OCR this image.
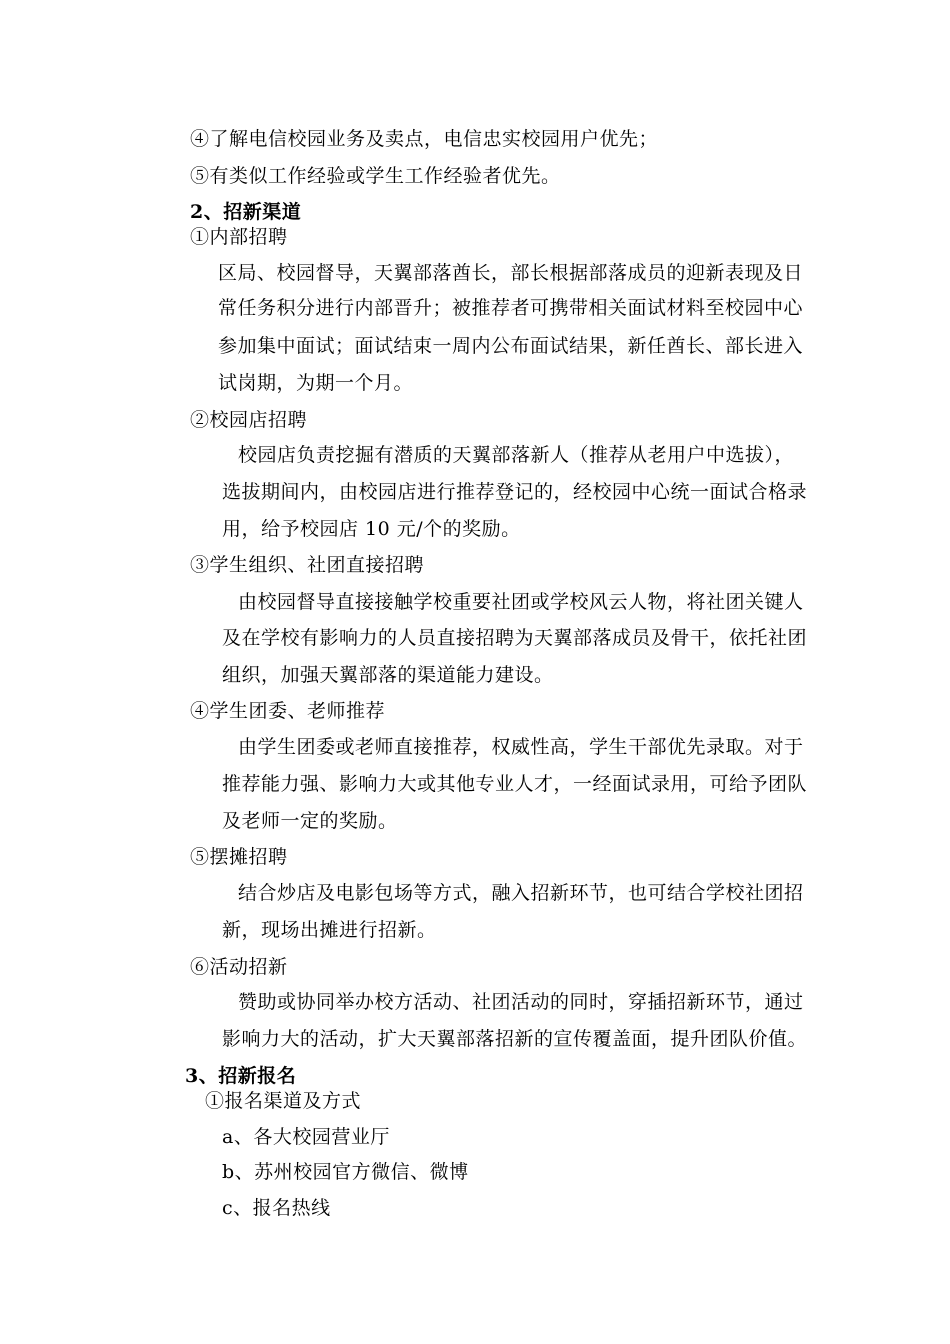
④了解电信校园业务及卖点，电信忠实校园用户优先；
⑤有类似工作经验或学生工作经验者优先。
2、招新渠道
①内部招聘
区局、校园督导，天翼部落酋长，部长根据部落成员的迎新表现及日
常任务积分进行内部晋升；被推荐者可携带相关面试材料至校园中心
参加集中面试；面试结束一周内公布面试结果，新任酋长、部长进入
试岗期，为期一个月。
②校园店招聘
校园店负责挖掘有潜质的天翼部落新人（推荐从老用户中选拔），
选拔期间内，由校园店进行推荐登记的，经校园中心统一面试合格录
用，给予校园店 10 元/个的奖励。
③学生组织、社团直接招聘
由校园督导直接接触学校重要社团或学校风云人物，将社团关键人
及在学校有影响力的人员直接招聘为天翼部落成员及骨干，依托社团
组织，加强天翼部落的渠道能力建设。
④学生团委、老师推荐
由学生团委或老师直接推荐，权威性高，学生干部优先录取。对于
推荐能力强、影响力大或其他专业人才，一经面试录用，可给予团队
及老师一定的奖励。
⑤摆摊招聘
结合炒店及电影包场等方式，融入招新环节，也可结合学校社团招
新，现场出摊进行招新。
⑥活动招新
赞助或协同举办校方活动、社团活动的同时，穿插招新环节，通过
影响力大的活动，扩大天翼部落招新的宣传覆盖面，提升团队价值。
3、招新报名
①报名渠道及方式
a、各大校园营业厅
b、苏州校园官方微信、微博
c、报名热线
